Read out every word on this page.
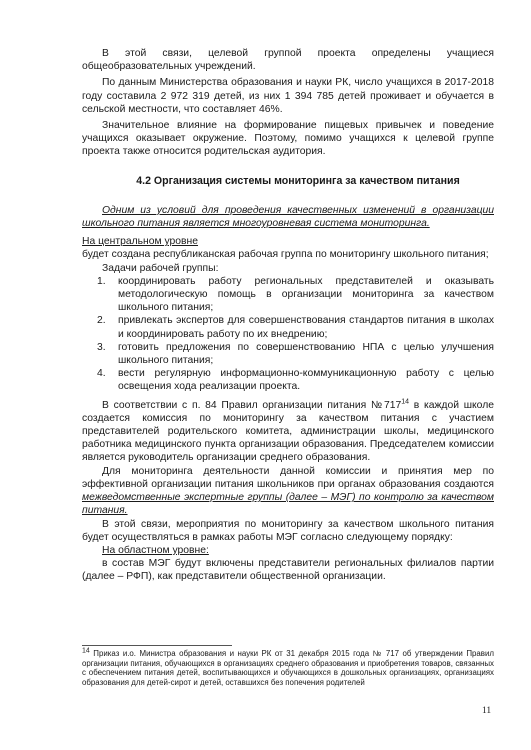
В этой связи, целевой группой проекта определены учащиеся общеобразовательных учреждений.

По данным Министерства образования и науки РК, число учащихся в 2017-2018 году составила 2 972 319 детей, из них 1 394 785 детей проживает и обучается в сельской местности, что составляет 46%.

Значительное влияние на формирование пищевых привычек и поведение учащихся оказывает окружение. Поэтому, помимо учащихся к целевой группе проекта также относится родительская аудитория.

4.2 Организация системы мониторинга за качеством питания

Одним из условий для проведения качественных изменений в организации школьного питания является многоуровневая система мониторинга.

На центральном уровне

будет создана республиканская рабочая группа по мониторингу школьного питания;

Задачи рабочей группы:

1. координировать работу региональных представителей и оказывать методологическую помощь в организации мониторинга за качеством школьного питания;
2. привлекать экспертов для совершенствования стандартов питания в школах и координировать работу по их внедрению;
3. готовить предложения по совершенствованию НПА с целью улучшения школьного питания;
4. вести регулярную информационно-коммуникационную работу с целью освещения хода реализации проекта.

В соответствии с п. 84 Правил организации питания $№717^{14}$ в каждой школе создается комиссия по мониторингу за качеством питания с участием представителей родительского комитета, администрации школы, медицинского работника медицинского пункта организации образования. Председателем комиссии является руководитель организации среднего образования.

Для мониторинга деятельности данной комиссии и принятия мер по эффективной организации питания школьников при органах образования создаются межведомственные экспертные группы (далее – МЭГ) по контролю за качеством питания.

В этой связи, мероприятия по мониторингу за качеством школьного питания будет осуществляться в рамках работы МЭГ согласно следующему порядку:

На областном уровне:

в состав МЭГ будут включены представители региональных филиалов партии (далее – РФП), как представители общественной организации.

$^{14}$ Приказ и.о. Министра образования и науки РК от 31 декабря 2015 года № 717 об утверждении Правил организации питания, обучающихся в организациях среднего образования и приобретения товаров, связанных с обеспечением питания детей, воспитывающихся и обучающихся в дошкольных организациях, организациях образования для детей-сирот и детей, оставшихся без попечения родителей
11
